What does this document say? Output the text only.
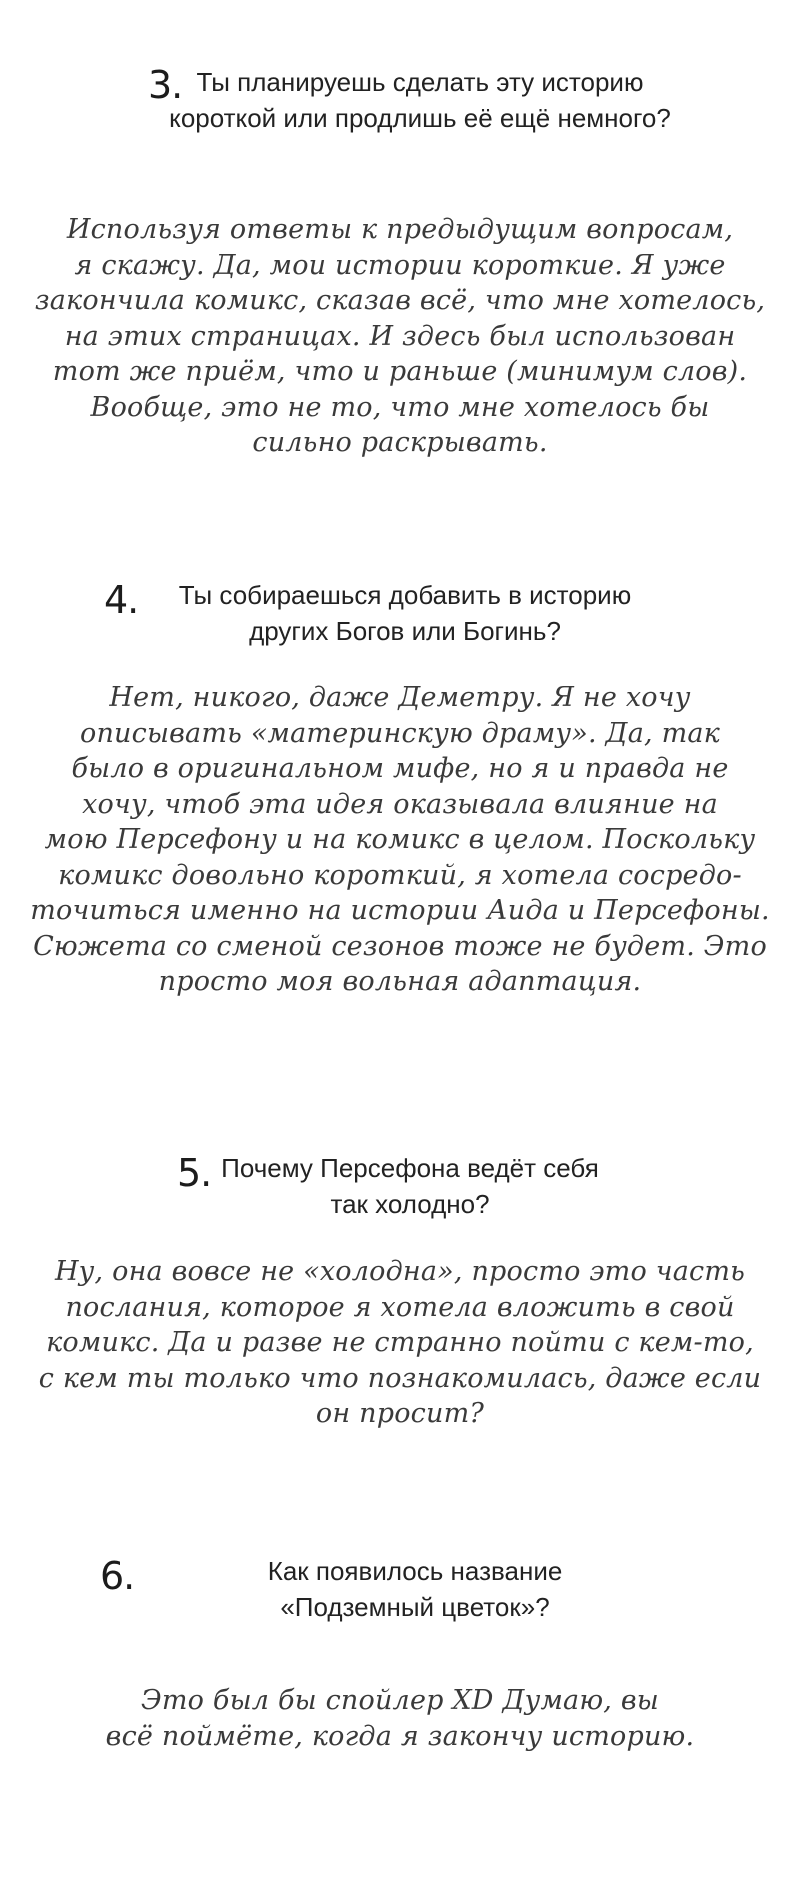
3. Ты планируешь сделать эту историю
короткой или продлишь её ещё немного?
Используя ответы к предыдущим вопросам,
я скажу. Да, мои истории короткие. Я уже
закончила комикс, сказав всё, что мне хотелось,
на этих страницах. И здесь был использован
тот же приём, что и раньше (минимум слов).
Вообще, это не то, что мне хотелось бы
сильно раскрывать.
4. Ты собираешься добавить в историю
других Богов или Богинь?
Нет, никого, даже Деметру. Я не хочу
описывать «материнскую драму». Да, так
было в оригинальном мифе, но я и правда не
хочу, чтоб эта идея оказывала влияние на
мою Персефону и на комикс в целом. Поскольку
комикс довольно короткий, я хотела сосредо-
точиться именно на истории Аида и Персефоны.
Сюжета со сменой сезонов тоже не будет. Это
просто моя вольная адаптация.
5. Почему Персефона ведёт себя
так холодно?
Ну, она вовсе не «холодна», просто это часть
послания, которое я хотела вложить в свой
комикс. Да и разве не странно пойти с кем-то,
с кем ты только что познакомилась, даже если
он просит?
6.	Как появилось название
«Подземный цветок»?
Это был бы спойлер XD Думаю, вы
всё поймёте, когда я закончу историю.
